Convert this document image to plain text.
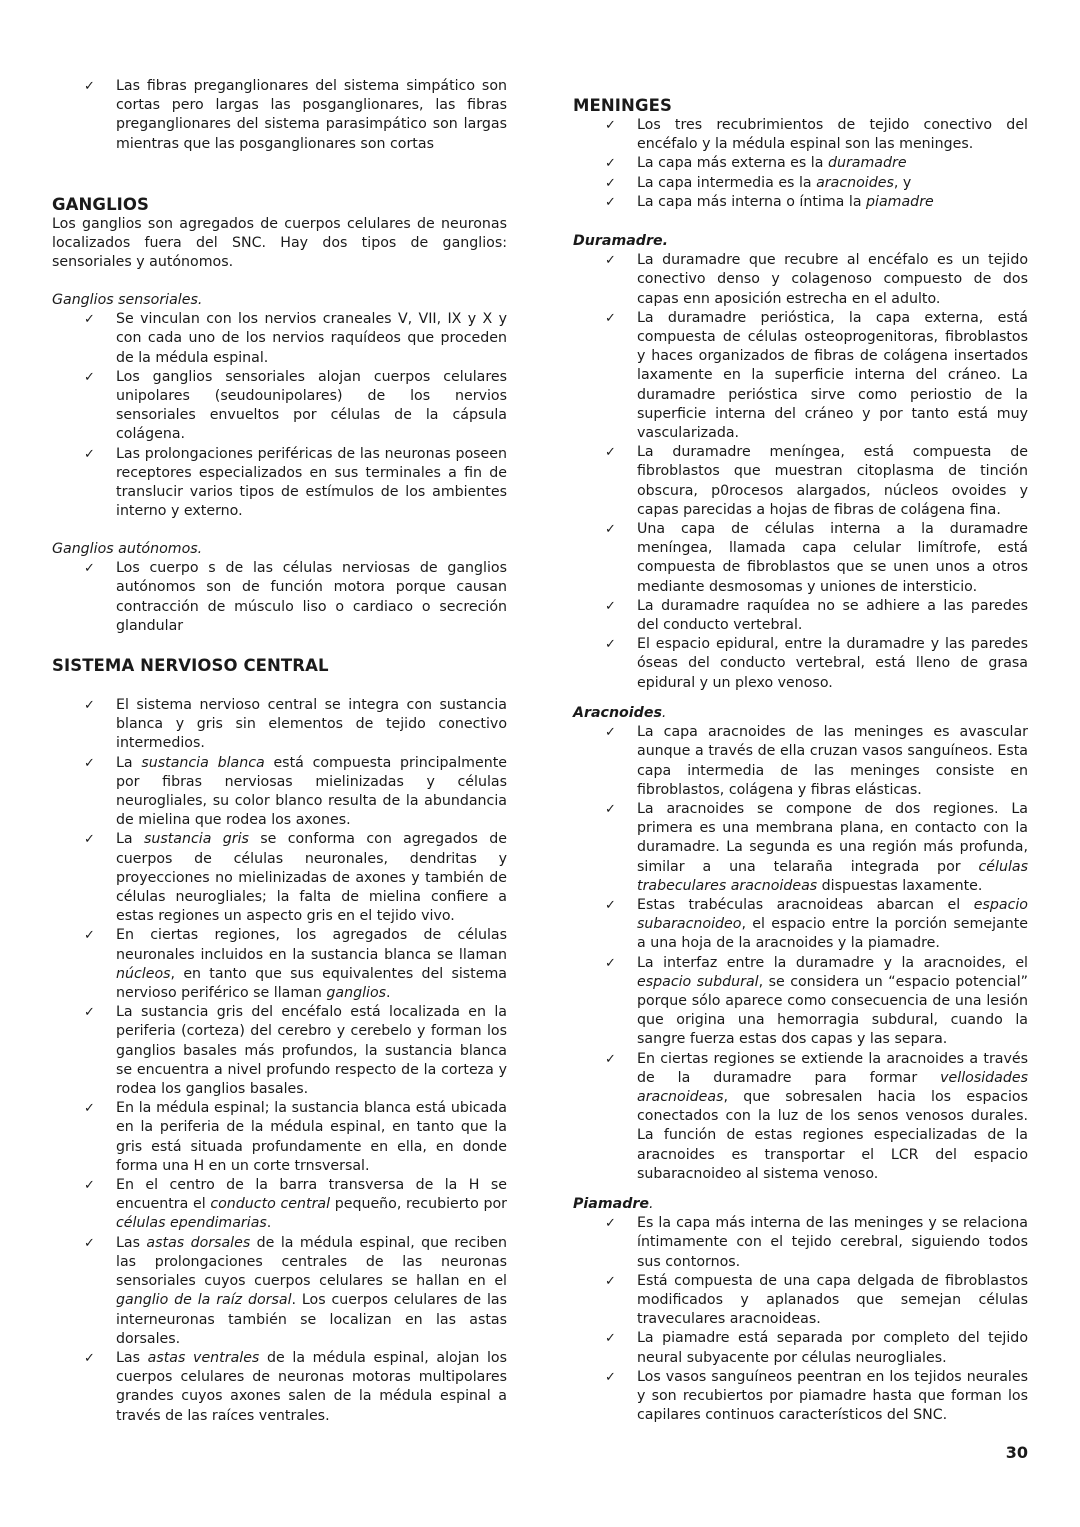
✓ Las fibras preganglionares del sistema simpático son cortas pero largas las posganglionares, las fibras preganglionares del sistema parasimpático son largas mientras que las posganglionares son cortas
GANGLIOS

Los ganglios son agregados de cuerpos celulares de neuronas localizados fuera del SNC. Hay dos tipos de ganglios: sensoriales y autónomos.

Ganglios sensoriales.

✓ Se vinculan con los nervios craneales V, VII, IX y X y con cada uno de los nervios raquídeos que proceden de la médula espinal.
✓ Los ganglios sensoriales alojan cuerpos celulares unipolares (seudounipolares) de los nervios sensoriales envueltos por células de la cápsula colágena.
✓ Las prolongaciones periféricas de las neuronas poseen receptores especializados en sus terminales a fin de translucir varios tipos de estímulos de los ambientes interno y externo.

Ganglios autónomos.

✓ Los cuerpo s de las células nerviosas de ganglios autónomos son de función motora porque causan contracción de músculo liso o cardiaco o secreción glandular
SISTEMA NERVIOSO CENTRAL
✓ El sistema nervioso central se integra con sustancia blanca y gris sin elementos de tejido conectivo intermedios.
✓ La sustancia blanca está compuesta principalmente por fibras nerviosas mielinizadas y células neurogliales, su color blanco resulta de la abundancia de mielina que rodea los axones.
✓ La sustancia gris se conforma con agregados de cuerpos de células neuronales, dendritas y proyecciones no mielinizadas de axones y también de células neurogliales; la falta de mielina confiere a estas regiones un aspecto gris en el tejido vivo.
✓ En ciertas regiones, los agregados de células neuronales incluidos en la sustancia blanca se llaman núcleos, en tanto que sus equivalentes del sistema nervioso periférico se llaman ganglios.
✓ La sustancia gris del encéfalo está localizada en la periferia (corteza) del cerebro y cerebelo y forman los ganglios basales más profundos, la sustancia blanca se encuentra a nivel profundo respecto de la corteza y rodea los ganglios basales.
✓ En la médula espinal; la sustancia blanca está ubicada en la periferia de la médula espinal, en tanto que la gris está situada profundamente en ella, en donde forma una H en un corte trnsversal.
✓ En el centro de la barra transversa de la H se encuentra el conducto central pequeño, recubierto por células ependimarias.
✓ Las astas dorsales de la médula espinal, que reciben las prolongaciones centrales de las neuronas sensoriales cuyos cuerpos celulares se hallan en el ganglio de la raíz dorsal. Los cuerpos celulares de las interneuronas también se localizan en las astas dorsales.
✓ Las astas ventrales de la médula espinal, alojan los cuerpos celulares de neuronas motoras multipolares grandes cuyos axones salen de la médula espinal a través de las raíces ventrales.
MENINGES
✓ Los tres recubrimientos de tejido conectivo del encéfalo y la médula espinal son las meninges.
✓ La capa más externa es la duramadre
✓ La capa intermedia es la aracnoides, y
✓ La capa más interna o íntima la piamadre

Duramadre.

✓ La duramadre que recubre al encéfalo es un tejido conectivo denso y colagenoso compuesto de dos capas enn aposición estrecha en el adulto.
✓ La duramadre perióstica, la capa externa, está compuesta de células osteoprogenitoras, fibroblastos y haces organizados de fibras de colágena insertados laxamente en la superficie interna del cráneo. La duramadre perióstica sirve como periostio de la superficie interna del cráneo y por tanto está muy vascularizada.
✓ La duramadre meníngea, está compuesta de fibroblastos que muestran citoplasma de tinción obscura, p0rocesos alargados, núcleos ovoides y capas parecidas a hojas de fibras de colágena fina.
✓ Una capa de células interna a la duramadre meníngea, llamada capa celular limítrofe, está compuesta de fibroblastos que se unen unos a otros mediante desmosomas y uniones de intersticio.
✓ La duramadre raquídea no se adhiere a las paredes del conducto vertebral.
✓ El espacio epidural, entre la duramadre y las paredes óseas del conducto vertebral, está lleno de grasa epidural y un plexo venoso.

Aracnoides.

✓ La capa aracnoides de las meninges es avascular aunque a través de ella cruzan vasos sanguíneos. Esta capa intermedia de las meninges consiste en fibroblastos, colágena y fibras elásticas.
✓ La aracnoides se compone de dos regiones. La primera es una membrana plana, en contacto con la duramadre. La segunda es una región más profunda, similar a una telaraña integrada por células trabeculares aracnoideas dispuestas laxamente.
✓ Estas trabéculas aracnoideas abarcan el espacio subaracnoideo, el espacio entre la porción semejante a una hoja de la aracnoides y la piamadre.
✓ La interfaz entre la duramadre y la aracnoides, el espacio subdural, se considera un “espacio potencial” porque sólo aparece como consecuencia de una lesión que origina una hemorragia subdural, cuando la sangre fuerza estas dos capas y las separa.
✓ En ciertas regiones se extiende la aracnoides a través de la duramadre para formar vellosidades aracnoideas, que sobresalen hacia los espacios conectados con la luz de los senos venosos durales. La función de estas regiones especializadas de la aracnoides es transportar el LCR del espacio subaracnoideo al sistema venoso.

Piamadre.

✓ Es la capa más interna de las meninges y se relaciona íntimamente con el tejido cerebral, siguiendo todos sus contornos.
✓ Está compuesta de una capa delgada de fibroblastos modificados y aplanados que semejan células traveculares aracnoideas.
✓ La piamadre está separada por completo del tejido neural subyacente por células neurogliales.
✓ Los vasos sanguíneos peentran en los tejidos neurales y son recubiertos por piamadre hasta que forman los capilares continuos característicos del SNC.
30
